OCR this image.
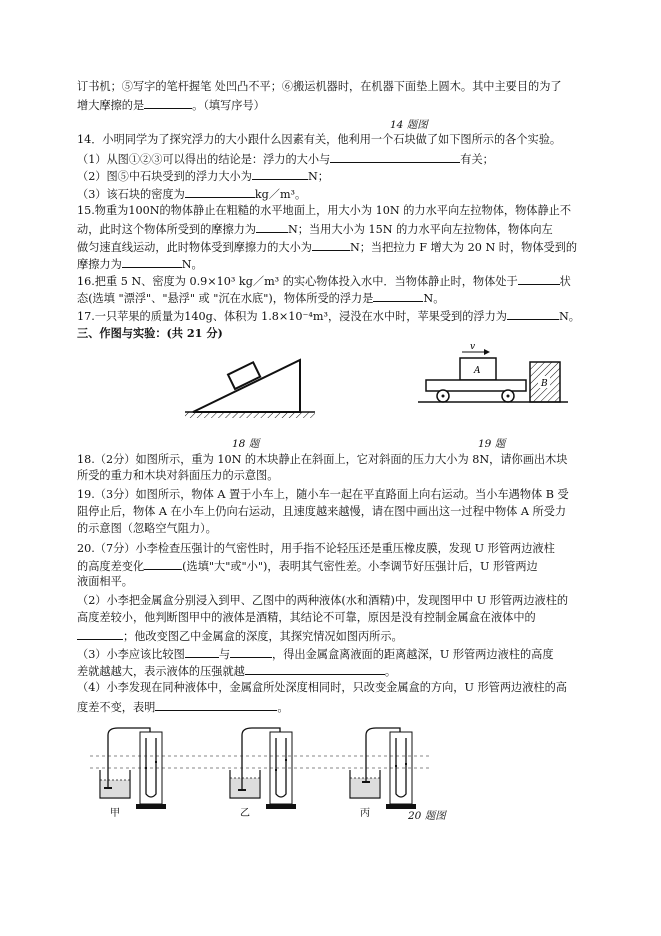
订书机；⑤写字的笔杆握笔 处凹凸不平；⑥搬运机器时，在机器下面垫上圆木。其中主要目的为了
增大摩擦的是	。（填写序号）
14 题图
14．小明同学为了探究浮力的大小跟什么因素有关，他利用一个石块做了如下图所示的各个实验。
（1）从图①②③可以得出的结论是：浮力的大小与	有关；
（2）图⑤中石块受到的浮力大小为	N；
（3）该石块的密度为	kg／m³。
15.物重为100N的物体静止在粗糙的水平地面上，用大小为 10N 的力水平向左拉物体，物体静止不
动，此时这个物体所受到的摩擦力为	N；当用大小为 15N 的力水平向左拉物体，物体向左
做匀速直线运动，此时物体受到摩擦力的大小为	N；当把拉力 F 增大为 20 N 时，物体受到的
摩擦力为	N。
16.把重 5 N、密度为 0.9×10³ kg／m³ 的实心物体投入水中．当物体静止时，物体处于	状
态(选填 "漂浮"、"悬浮" 或 "沉在水底")，物体所受的浮力是	N。
17.一只苹果的质量为140g、体积为 1.8×10⁻⁴m³，浸没在水中时，苹果受到的浮力为	N。
三、作图与实验：(共 21 分)
18 题
v
A
B
19 题
18.（2分）如图所示，重为 10N 的木块静止在斜面上，它对斜面的压力大小为 8N，请你画出木块
所受的重力和木块对斜面压力的示意图。
19.（3分）如图所示，物体 A 置于小车上，随小车一起在平直路面上向右运动。当小车遇物体 B 受
阻停止后，物体 A 在小车上仍向右运动，且速度越来越慢，请在图中画出这一过程中物体 A 所受力
的示意图（忽略空气阻力）。
20.（7分）小李检查压强计的气密性时，用手指不论轻压还是重压橡皮膜，发现 U 形管两边液柱
的高度差变化	(选填"大"或"小")，表明其气密性差。小李调节好压强计后，U 形管两边
液面相平。
（2）小李把金属盒分别浸入到甲、乙图中的两种液体(水和酒精)中，发现图甲中 U 形管两边液柱的
高度差较小，他判断图甲中的液体是酒精，其结论不可靠，原因是没有控制金属盒在液体中的
；他改变图乙中金属盒的深度，其探究情况如图丙所示。
（3）小李应该比较图	与	，得出金属盒离液面的距离越深，U 形管两边液柱的高度
差就越越大，表示液体的压强就越	。
（4）小李发现在同种液体中，金属盒所处深度相同时，只改变金属盒的方向，U 形管两边液柱的高
度差不变，表明	。
甲	乙	丙	20 题图
